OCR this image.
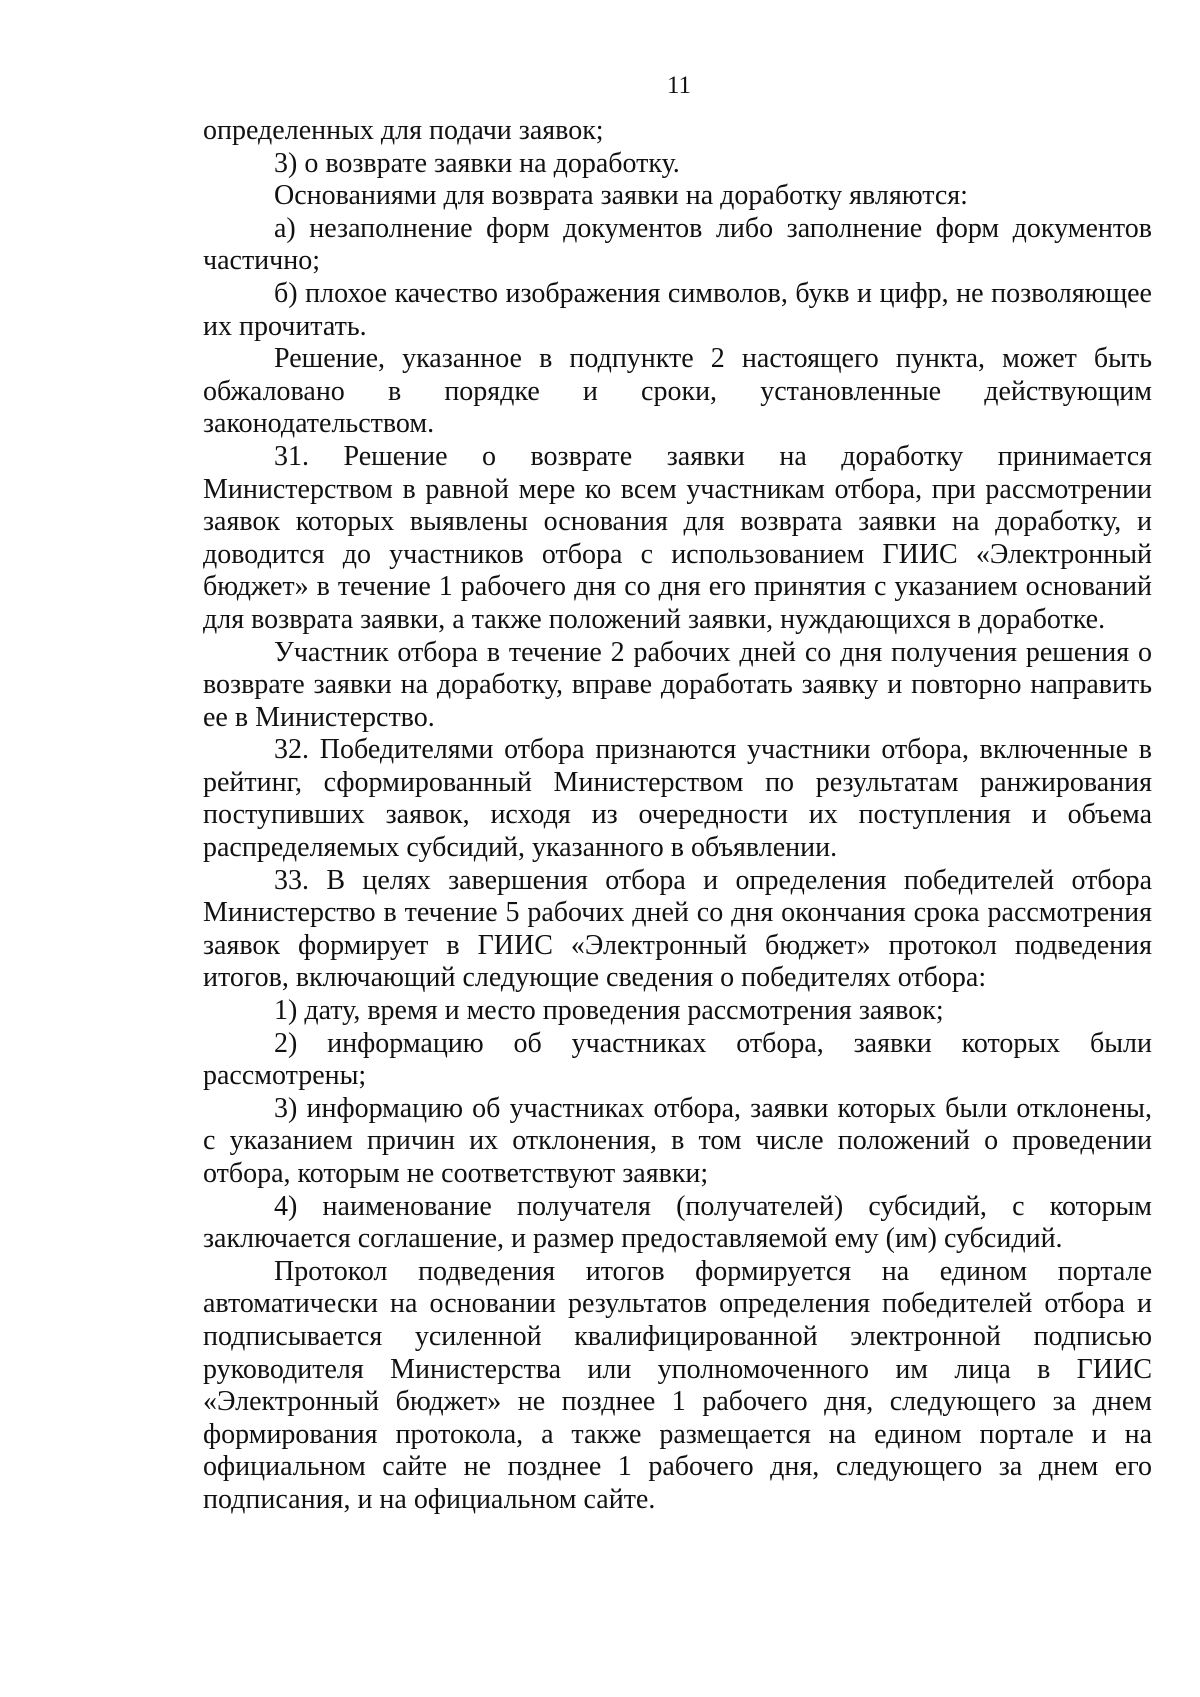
11

определенных для подачи заявок;

3) о возврате заявки на доработку.

Основаниями для возврата заявки на доработку являются:

а) незаполнение форм документов либо заполнение форм документов частично;

б) плохое качество изображения символов, букв и цифр, не позволяющее их прочитать.

Решение, указанное в подпункте 2 настоящего пункта, может быть обжаловано в порядке и сроки, установленные действующим законодательством.

31. Решение о возврате заявки на доработку принимается Министерством в равной мере ко всем участникам отбора, при рассмотрении заявок которых выявлены основания для возврата заявки на доработку, и доводится до участников отбора с использованием ГИИС «Электронный бюджет» в течение 1 рабочего дня со дня его принятия с указанием оснований для возврата заявки, а также положений заявки, нуждающихся в доработке.

Участник отбора в течение 2 рабочих дней со дня получения решения о возврате заявки на доработку, вправе доработать заявку и повторно направить ее в Министерство.

32. Победителями отбора признаются участники отбора, включенные в рейтинг, сформированный Министерством по результатам ранжирования поступивших заявок, исходя из очередности их поступления и объема распределяемых субсидий, указанного в объявлении.

33. В целях завершения отбора и определения победителей отбора Министерство в течение 5 рабочих дней со дня окончания срока рассмотрения заявок формирует в ГИИС «Электронный бюджет» протокол подведения итогов, включающий следующие сведения о победителях отбора:

1) дату, время и место проведения рассмотрения заявок;

2) информацию об участниках отбора, заявки которых были рассмотрены;

3) информацию об участниках отбора, заявки которых были отклонены, с указанием причин их отклонения, в том числе положений о проведении отбора, которым не соответствуют заявки;

4) наименование получателя (получателей) субсидий, с которым заключается соглашение, и размер предоставляемой ему (им) субсидий.

Протокол подведения итогов формируется на едином портале автоматически на основании результатов определения победителей отбора и подписывается усиленной квалифицированной электронной подписью руководителя Министерства или уполномоченного им лица в ГИИС «Электронный бюджет» не позднее 1 рабочего дня, следующего за днем формирования протокола, а также размещается на едином портале и на официальном сайте не позднее 1 рабочего дня, следующего за днем его подписания, и на официальном сайте.
